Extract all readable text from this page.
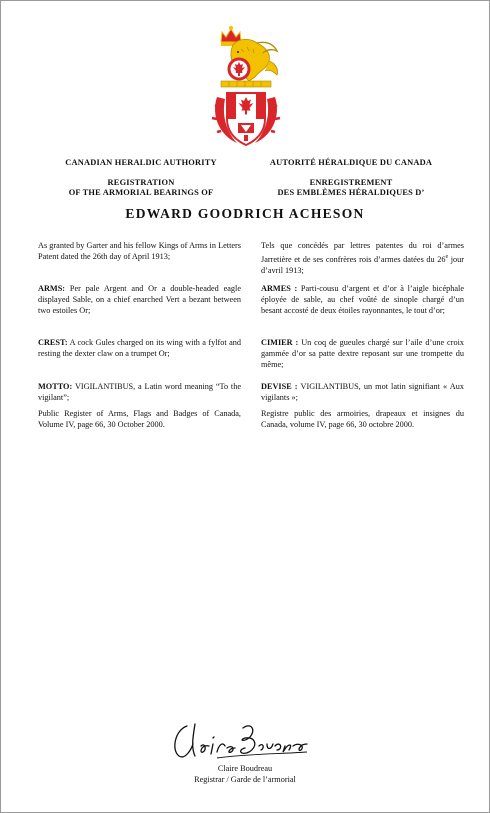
CANADIAN HERALDIC AUTHORITY
REGISTRATION
OF THE ARMORIAL BEARINGS OF
AUTORITÉ HÉRALDIQUE DU CANADA
ENREGISTREMENT
DES EMBLÈMES HÉRALDIQUES D’
EDWARD GOODRICH ACHESON

As granted by Garter and his fellow Kings of Arms in Letters Patent dated the 26th day of April 1913;

ARMS: Per pale Argent and Or a double-headed eagle displayed Sable, on a chief enarched Vert a bezant between two estoiles Or;

CREST: A cock Gules charged on its wing with a fylfot and resting the dexter claw on a trumpet Or;

MOTTO: VIGILANTIBUS, a Latin word meaning “To the vigilant”;

Public Register of Arms, Flags and Badges of Canada, Volume IV, page 66, 30 October 2000.

Tels que concédés par lettres patentes du roi d’armes Jarretière et de ses confrères rois d’armes datées du 26e jour d’avril 1913;

ARMES : Parti-cousu d’argent et d’or à l’aigle bicéphale éployée de sable, au chef voûté de sinople chargé d’un besant accosté de deux étoiles rayonnantes, le tout d’or;

CIMIER : Un coq de gueules chargé sur l’aile d’une croix gammée d’or sa patte dextre reposant sur une trompette du même;

DEVISE : VIGILANTIBUS, un mot latin signifiant « Aux vigilants »;

Registre public des armoiries, drapeaux et insignes du Canada, volume IV, page 66, 30 octobre 2000.

Claire Boudreau
Registrar / Garde de l’armorial
